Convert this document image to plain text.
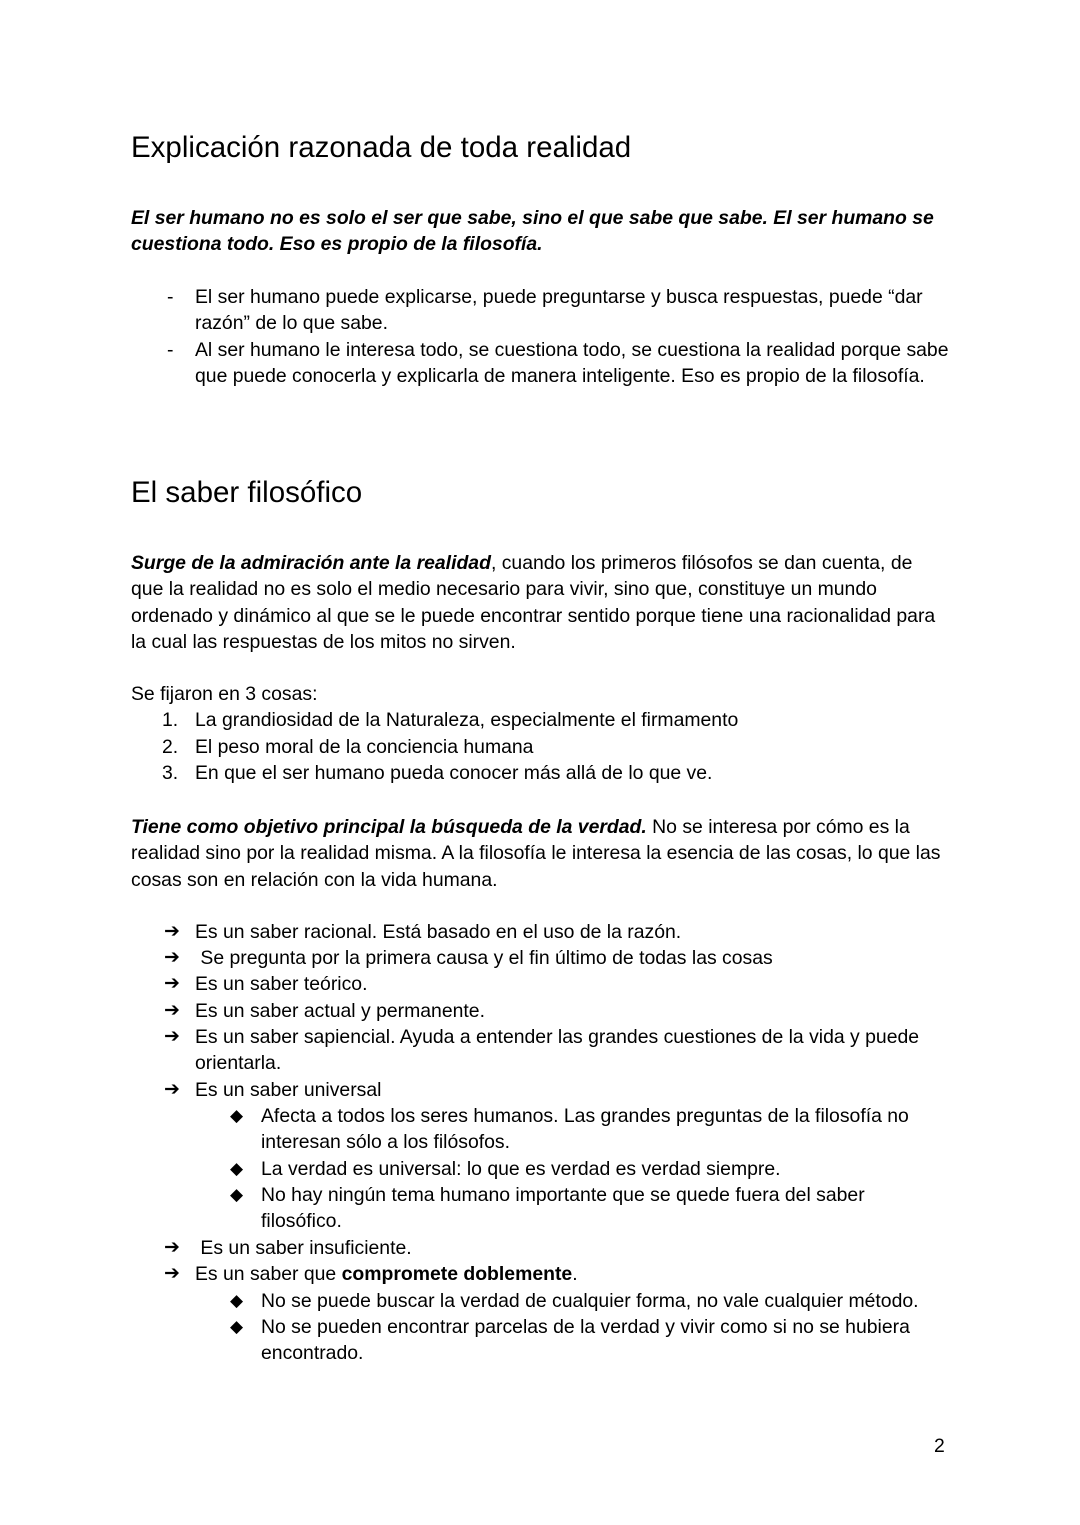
Explicación razonada de toda realidad

El ser humano no es solo el ser que sabe, sino el que sabe que sabe. El ser humano se cuestiona todo. Eso es propio de la filosofía.

- El ser humano puede explicarse, puede preguntarse y busca respuestas, puede “dar razón” de lo que sabe.
- Al ser humano le interesa todo, se cuestiona todo, se cuestiona la realidad porque sabe que puede conocerla y explicarla de manera inteligente. Eso es propio de la filosofía.
El saber filosófico

Surge de la admiración ante la realidad, cuando los primeros filósofos se dan cuenta, de que la realidad no es solo el medio necesario para vivir, sino que, constituye un mundo ordenado y dinámico al que se le puede encontrar sentido porque tiene una racionalidad para la cual las respuestas de los mitos no sirven.

Se fijaron en 3 cosas:

1. La grandiosidad de la Naturaleza, especialmente el firmamento
2. El peso moral de la conciencia humana
3. En que el ser humano pueda conocer más allá de lo que ve.

Tiene como objetivo principal la búsqueda de la verdad. No se interesa por cómo es la realidad sino por la realidad misma. A la filosofía le interesa la esencia de las cosas, lo que las cosas son en relación con la vida humana.

➔ Es un saber racional. Está basado en el uso de la razón.
➔ Se pregunta por la primera causa y el fin último de todas las cosas
➔ Es un saber teórico.
➔ Es un saber actual y permanente.
➔ Es un saber sapiencial. Ayuda a entender las grandes cuestiones de la vida y puede orientarla.
➔ Es un saber universal
◆ Afecta a todos los seres humanos. Las grandes preguntas de la filosofía no interesan sólo a los filósofos.
◆ La verdad es universal: lo que es verdad es verdad siempre.
◆ No hay ningún tema humano importante que se quede fuera del saber filosófico.
➔ Es un saber insuficiente.
➔ Es un saber que compromete doblemente.
◆ No se puede buscar la verdad de cualquier forma, no vale cualquier método.
◆ No se pueden encontrar parcelas de la verdad y vivir como si no se hubiera encontrado.
2
